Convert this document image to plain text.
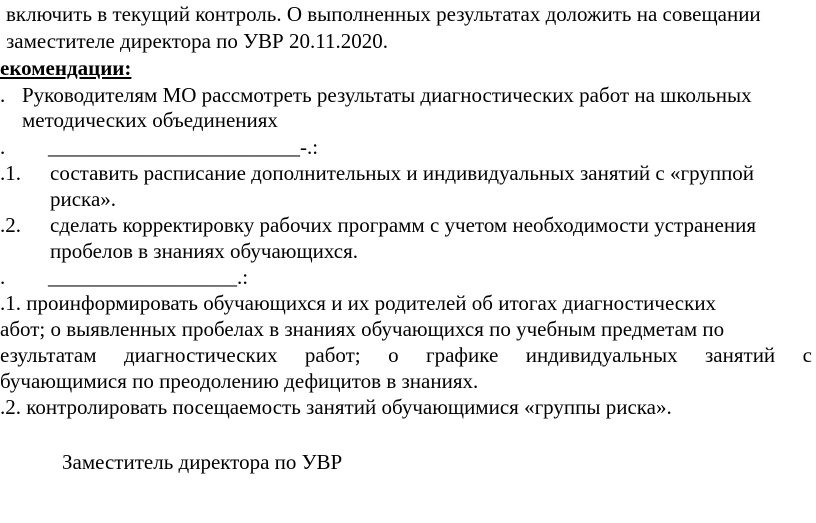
включить в текущий контроль. О выполненных результатах доложить на совещании
заместителе директора по УВР 20.11.2020.
екомендации:
. Руководителям МО рассмотреть результаты диагностических работ на школьных
методических объединениях
. ________________________-.:
.1. составить расписание дополнительных и индивидуальных занятий с «группой
риска».
.2. сделать корректировку рабочих программ с учетом необходимости устранения
пробелов в знаниях обучающихся.
. __________________.:
.1. проинформировать обучающихся и их родителей об итогах диагностических
абот; о выявленных пробелах в знаниях обучающихся по учебным предметам по
езультатам диагностических работ; о графике индивидуальных занятий с
бучающимися по преодолению дефицитов в знаниях.
.2. контролировать посещаемость занятий обучающимися «группы риска».
Заместитель директора по УВР
